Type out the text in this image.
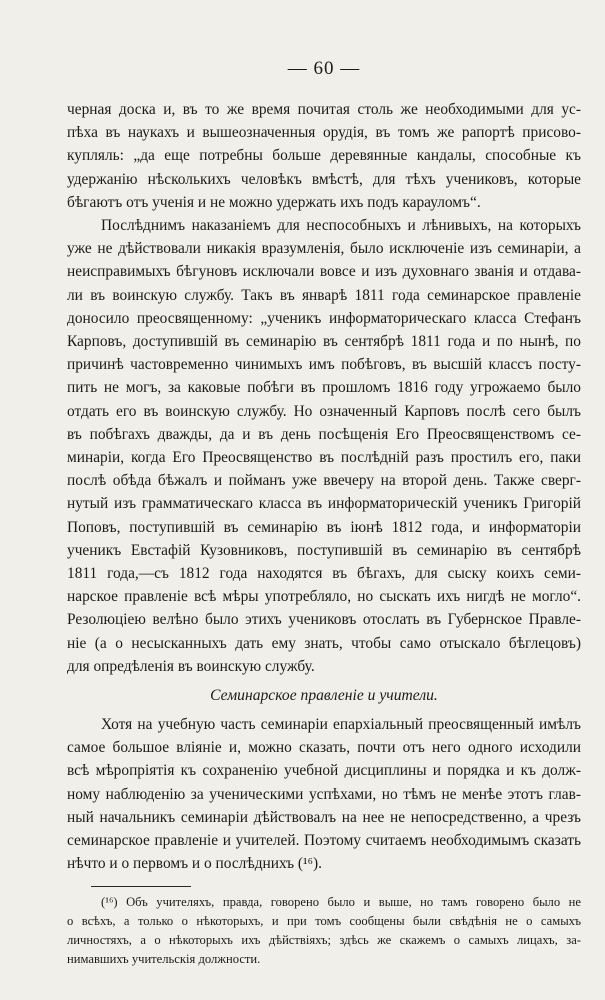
— 60 —
черная доска и, въ то же время почитая столь же необходимыми для ус-
пѣха въ наукахъ и вышеозначенныя орудія, въ томъ же рапортѣ присово-
купляль: „да еще потребны больше деревянные кандалы, способные къ
удержанію нѣсколькихъ человѣкъ вмѣстѣ, для тѣхъ учениковъ, которые
бѣгаютъ отъ ученія и не можно удержать ихъ подъ карауломъ“.
Послѣднимъ наказаніемъ для неспособныхъ и лѣнивыхъ, на которыхъ
уже не дѣйствовали никакія вразумленія, было исключеніе изъ семинаріи, а
неисправимыхъ бѣгуновъ исключали вовсе и изъ духовнаго званія и отдава-
ли въ воинскую службу. Такъ въ январѣ 1811 года семинарское правленіе
доносило преосвященному: „ученикъ информаторическаго класса Стефанъ
Карповъ, доступившій въ семинарію въ сентябрѣ 1811 года и по нынѣ, по
причинѣ частовременно чинимыхъ имъ побѣговъ, въ высшій классъ посту-
пить не могъ, за каковые побѣги въ прошломъ 1816 году угрожаемо было
отдать его въ воинскую службу. Но означенный Карповъ послѣ сего былъ
въ побѣгахъ дважды, да и въ день посѣщенія Его Преосвященствомъ се-
минаріи, когда Его Преосвященство въ послѣдній разъ простилъ его, паки
послѣ обѣда бѣжалъ и пойманъ уже ввечеру на второй день. Также сверг-
нутый изъ грамматическаго класса въ информаторическій ученикъ Григорій
Поповъ, поступившій въ семинарію въ іюнѣ 1812 года, и информаторіи
ученикъ Евстафій Кузовниковъ, поступившій въ семинарію въ сентябрѣ
1811 года,—съ 1812 года находятся въ бѣгахъ, для сыску коихъ семи-
нарское правленіе всѣ мѣры употребляло, но сыскать ихъ нигдѣ не могло“.
Резолюціею велѣно было этихъ учениковъ отослать въ Губернское Правле-
ніе (а о несысканныхъ дать ему знать, чтобы само отыскало бѣглецовъ)
для опредѣленія въ воинскую службу.
Семинарское правленіе и учители.
Хотя на учебную часть семинаріи епархіальный преосвященный имѣлъ
самое большое вліяніе и, можно сказать, почти отъ него одного исходили
всѣ мѣропріятія къ сохраненію учебной дисциплины и порядка и къ долж-
ному наблюденію за ученическими успѣхами, но тѣмъ не менѣе этотъ глав-
ный начальникъ семинаріи дѣйствовалъ на нее не непосредственно, а чрезъ
семинарское правленіе и учителей. Поэтому считаемъ необходимымъ сказать
нѣчто и о первомъ и о послѣднихъ (¹⁶).
(¹⁶) Объ учителяхъ, правда, говорено было и выше, но тамъ говорено было не
о всѣхъ, а только о нѣкоторыхъ, и при томъ сообщены были свѣдѣнія не о самыхъ
личностяхъ, а о нѣкоторыхъ ихъ дѣйствіяхъ; здѣсь же скажемъ о самыхъ лицахъ, за-
нимавшихъ учительскія должности.
